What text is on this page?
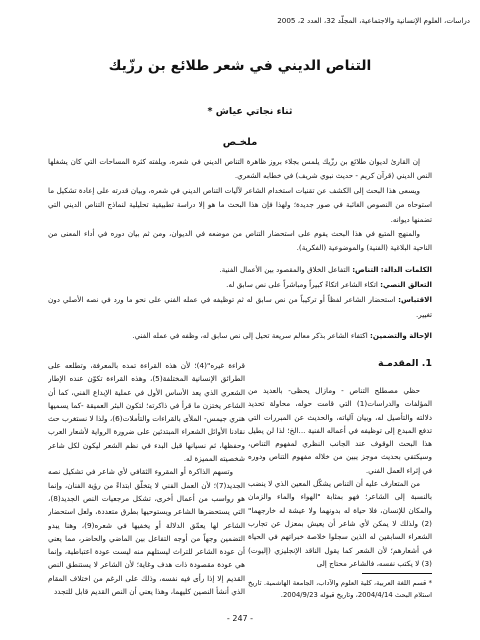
دراسات، العلوم الإنسانية والاجتماعية، المجلّد 32، العدد 2، 2005
التناص الديني في شعر طلائع بن رزّيك
ثناء نجاتي عياش *
ملخـص

إن القارئ لديوان طلائع بن رزّيك يلمس بجلاء بروز ظاهرة التناص الديني في شعره، ويلفته كثرة المساحات التي كان يشغلها النص الديني (قرآن كريم - حديث نبوي شريف) في خطابه الشعري.

ويسعى هذا البحث إلى الكشف عن تقنيات استخدام الشاعر لآليات التناص الديني في شعره، وبيان قدرته على إعادة تشكيل ما استوحاه من النصوص الغائبة في صور جديدة؛ ولهذا فإن هذا البحث ما هو إلا دراسة تطبيقية تحليلية لنماذج التناص الديني التي تضمنها ديوانه.

والمنهج المتبع في هذا البحث يقوم على استحضار التناص من موضعه في الديوان، ومن ثم بيان دوره في أداء المعنى من الناحية البلاغية (الفنية) والموضوعية (الفكرية).

الكلمات الدالة: التناص: التفاعل الخلاق والمقصود بين الأعمال الفنية.

التعالق النصي: اتكاء الشاعر اتكاءً كبيراً ومباشراً على نص سابق له.

الاقتباس: استحضار الشاعر لفظاً أو تركيباً من نص سابق له ثم توظيفه في عمله الفني على نحو ما ورد في نصه الأصلي دون تغيير.

الإحالة والتضمين: اكتفاء الشاعر بذكر معالم سريعة تحيل إلى نص سابق له، وظفه في عمله الفني.

1. المقدمـة

حظي مصطلح التناص - ومازال يحظى- بالعديد من المؤلفات والدراسات(1) التي قامت حوله، محاولة تحديد دلالته والتأصيل له، وبيان آلياته، والحديث عن المبررات التي تدفع المبدع إلى توظيفه في أعماله الفنية ...الخ؛ لذا لن يطيل هذا البحث الوقوف عند الجانب النظري لمفهوم التناص، وسيكتفي بحديث موجز يبين من خلاله مفهوم التناص ودوره في إثراء العمل الفني.

من المتعارف عليه أن التناص يشكّل المعين الذي لا ينضب بالنسبة إلى الشاعر؛ فهو بمثابة "الهواء والماء والزمان والمكان للإنسان، فلا حياة له بدونهما ولا عيشة له خارجهما"(2) ولذلك لا يمكن لأي شاعر أن يعيش بمعزل عن تجارب الشعراء السابقين له الذين سجلوا خلاصة خبراتهم في الحياة في أشعارهم؛ لأن الشعر كما يقول الناقد الإنجليزي (إليوت)(3) لا يكتب نفسه، فالشاعر محتاج إلى

قراءة غيره"(4)؛ لأن هذه القراءة تمده بالمعرفة، وتطلعه على الطرائق الإنسانية المختلفة(5)، وهذه القراءة تكوّن عنده الإطار الشعري الذي يعد الأساس الأول في عملية الإبداع الفني، كما أن الشاعر يختزن ما قرأ في ذاكرته؛ لتكون البئر العميقة -كما يسميها هنري جيمس- الملأى بالقراءات والتأملات(6)، ولذا لا نستغرب حث نقادنا الأوائل الشعراء المبتدئين على ضرورة الرواية لأشعار العرب وحفظها، ثم نسيانها قبل البدء في نظم الشعر ليكون لكل شاعر شخصيته المميزة له.

وتسهم الذاكرة أو المقروء الثقافي لأي شاعر في تشكيل نصه الجديد(7)؛ لأن العمل الفني لا يتخلّق ابتداءً من رؤية الفنان، وإنما هو رواسب من أعمال أخرى، تشكل مرجعيات النص الجديد(8)، التي يستحضرها الشاعر ويستوحيها بطرق متعددة، ولعل استحضار الشاعر لها يعمّق الدلالة أو يخفيها في شعره(9)، وهنا يبدو التضمين وجهاً من أوجه التفاعل بين الماضي والحاضر، مما يعني أن عودة الشاعر للتراث ليستلهم منه ليست عودة اعتباطية، وإنما هي عودة مقصودة ذات هدف وغاية؛ لأن الشاعر لا يستنطق النص القديم إلا إذا رأى فيه نفسه، وذلك على الرغم من اختلاف المقام الذي أنشأ النصين كليهما، وهذا يعني أن النص القديم قابل للتجدد

* قسم اللغة العربية، كلية العلوم والآداب، الجامعة الهاشمية. تاريخ استلام البحث 2004/4/14، وتاريخ قبوله 2004/9/23.
- 247 -
